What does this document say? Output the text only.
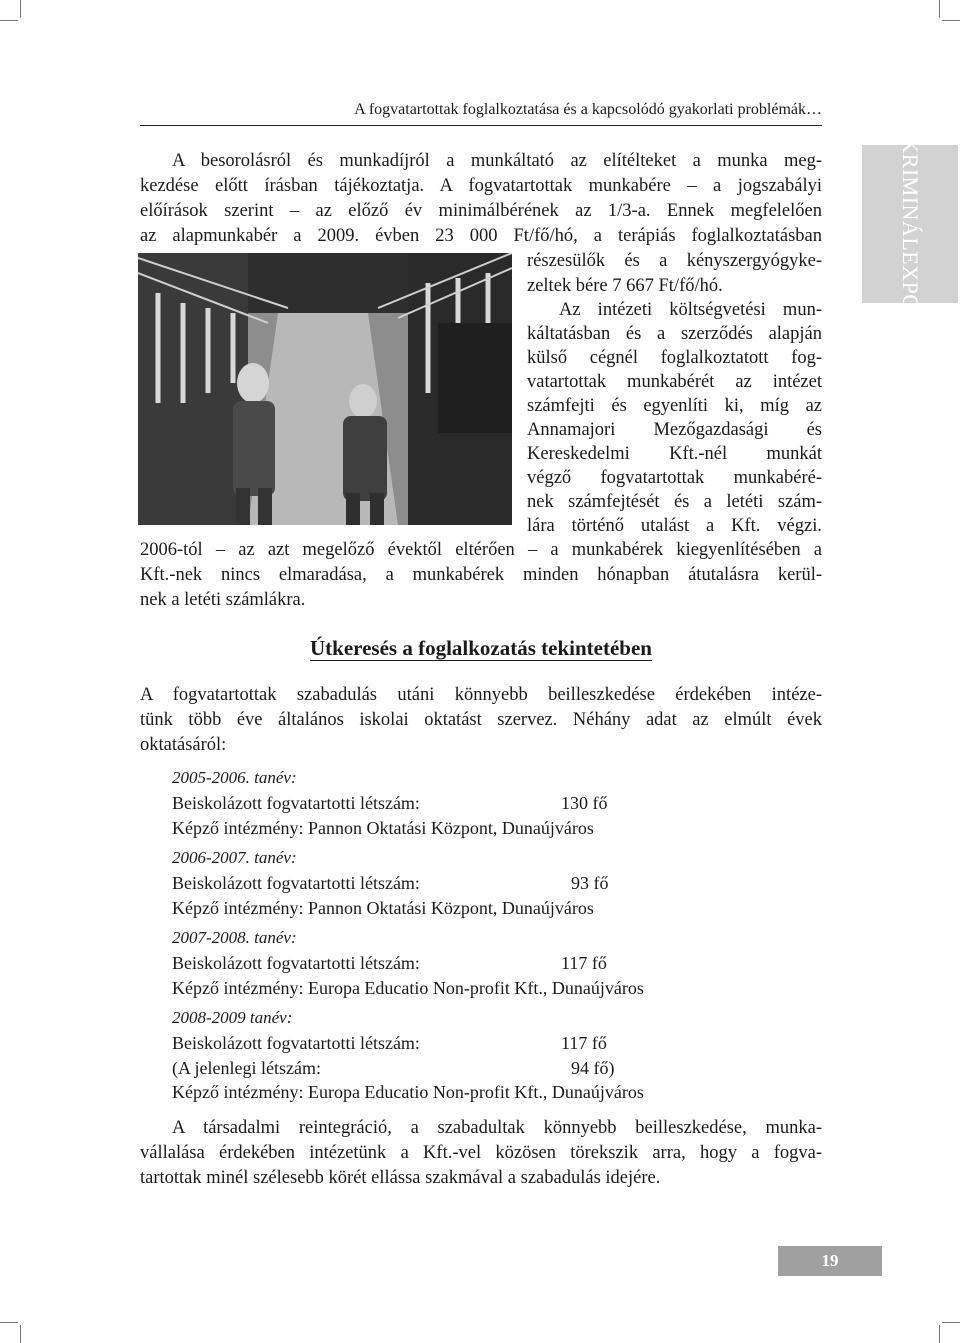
A fogvatartottak foglalkoztatása és a kapcsolódó gyakorlati problémák…
KRIMINÁLEXPO

A besorolásról és munkadíjról a munkáltató az elítélteket a munka meg-

kezdése előtt írásban tájékoztatja. A fogvatartottak munkabére – a jogszabályi

előírások szerint – az előző év minimálbérének az 1/3-a. Ennek megfelelően

az alapmunkabér a 2009. évben 23 000 Ft/fő/hó, a terápiás foglalkoztatásban

részesülők és a kényszergyógyke-

zeltek bére 7 667 Ft/fő/hó.

Az intézeti költségvetési mun-

káltatásban és a szerződés alapján

külső cégnél foglalkoztatott fog-

vatartottak munkabérét az intézet

számfejti és egyenlíti ki, míg az

Annamajori Mezőgazdasági és

Kereskedelmi Kft.-nél munkát

végző fogvatartottak munkabéré-

nek számfejtését és a letéti szám-

lára történő utalást a Kft. végzi.

2006-tól – az azt megelőző évektől eltérően – a munkabérek kiegyenlítésében a

Kft.-nek nincs elmaradása, a munkabérek minden hónapban átutalásra kerül-

nek a letéti számlákra.

Útkeresés a foglalkozatás tekintetében

A fogvatartottak szabadulás utáni könnyebb beilleszkedése érdekében intéze-

tünk több éve általános iskolai oktatást szervez. Néhány adat az elmúlt évek

oktatásáról:

2005-2006. tanév:
Beiskolázott fogvatartotti létszám:	130 fő
Képző intézmény: Pannon Oktatási Központ, Dunaújváros
2006-2007. tanév:
Beiskolázott fogvatartotti létszám:	93 fő
Képző intézmény: Pannon Oktatási Központ, Dunaújváros
2007-2008. tanév:
Beiskolázott fogvatartotti létszám:	117 fő
Képző intézmény: Europa Educatio Non-profit Kft., Dunaújváros
2008-2009 tanév:
Beiskolázott fogvatartotti létszám:	117 fő
(A jelenlegi létszám:	94 fő)
Képző intézmény: Europa Educatio Non-profit Kft., Dunaújváros

A társadalmi reintegráció, a szabadultak könnyebb beilleszkedése, munka-

vállalása érdekében intézetünk a Kft.-vel közösen törekszik arra, hogy a fogva-

tartottak minél szélesebb körét ellássa szakmával a szabadulás idejére.

19
